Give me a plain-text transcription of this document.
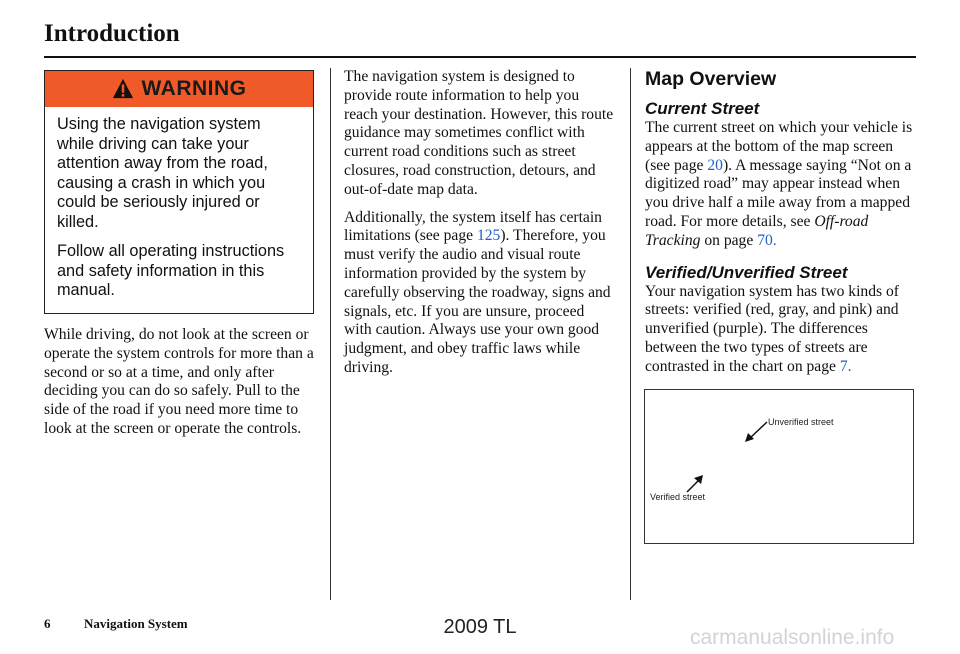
Introduction
WARNING

Using the navigation system while driving can take your attention away from the road, causing a crash in which you could be seriously injured or killed.

Follow all operating instructions and safety information in this manual.

While driving, do not look at the screen or operate the system controls for more than a second or so at a time, and only after deciding you can do so safely. Pull to the side of the road if you need more time to look at the screen or operate the controls.

The navigation system is designed to provide route information to help you reach your destination. However, this route guidance may sometimes conflict with current road conditions such as street closures, road construction, detours, and out-of-date map data.

Additionally, the system itself has certain limitations (see page 125). Therefore, you must verify the audio and visual route information provided by the system by carefully observing the roadway, signs and signals, etc. If you are unsure, proceed with caution. Always use your own good judgment, and obey traffic laws while driving.

Map Overview
Current Street

The current street on which your vehicle is appears at the bottom of the map screen (see page 20). A message saying “Not on a digitized road” may appear instead when you drive half a mile away from a mapped road. For more details, see Off-road Tracking on page 70.

Verified/Unverified Street

Your navigation system has two kinds of streets: verified (red, gray, and pink) and unverified (purple). The differences between the two types of streets are contrasted in the chart on page 7.

Unverified street
Verified street
6	Navigation System	2009 TL	carmanualsonline.info
